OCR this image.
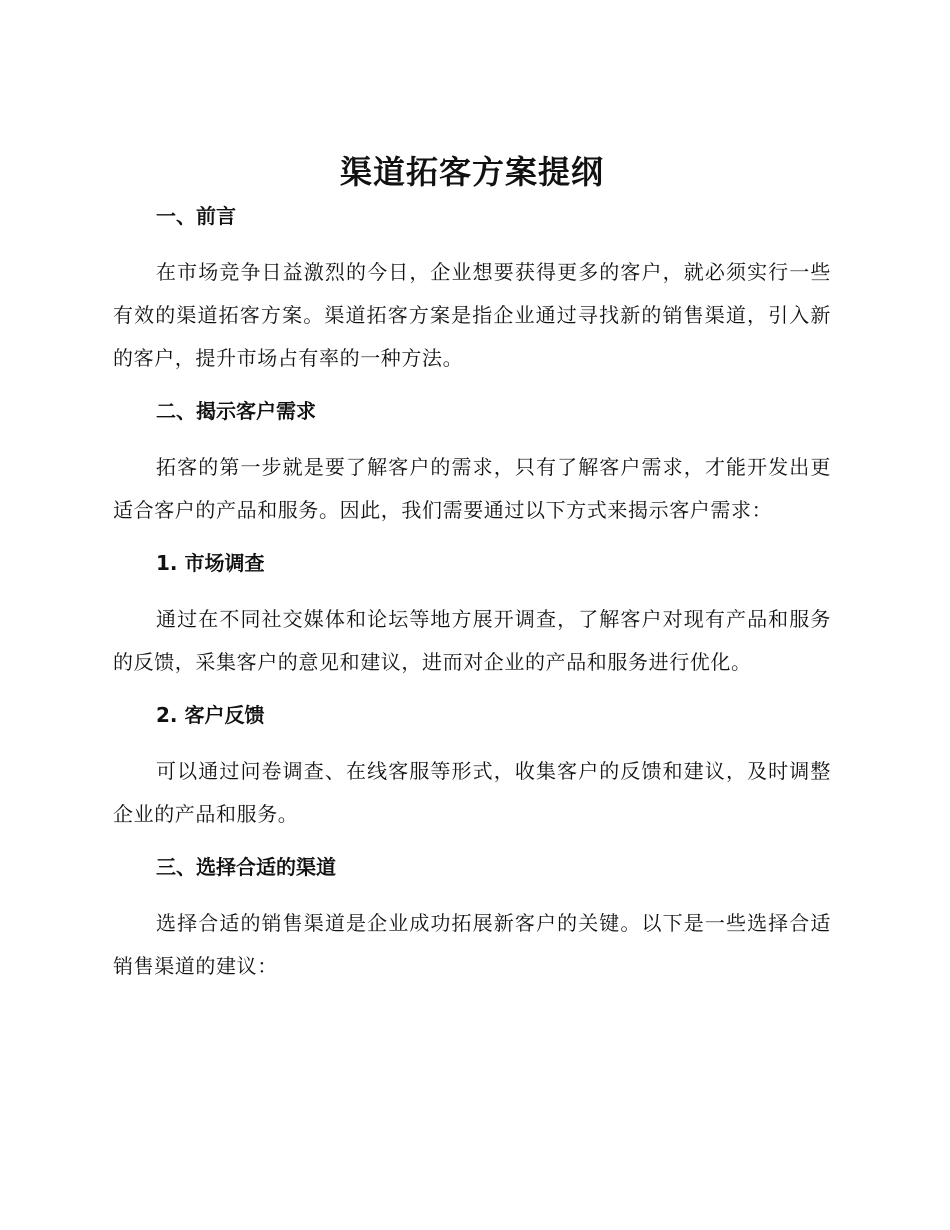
渠道拓客方案提纲
一、前言

在市场竞争日益激烈的今日，企业想要获得更多的客户，就必须实行一些有效的渠道拓客方案。渠道拓客方案是指企业通过寻找新的销售渠道，引入新的客户，提升市场占有率的一种方法。

二、揭示客户需求

拓客的第一步就是要了解客户的需求，只有了解客户需求，才能开发出更适合客户的产品和服务。因此，我们需要通过以下方式来揭示客户需求：

1. 市场调查

通过在不同社交媒体和论坛等地方展开调查，了解客户对现有产品和服务的反馈，采集客户的意见和建议，进而对企业的产品和服务进行优化。

2. 客户反馈

可以通过问卷调查、在线客服等形式，收集客户的反馈和建议，及时调整企业的产品和服务。

三、选择合适的渠道

选择合适的销售渠道是企业成功拓展新客户的关键。以下是一些选择合适销售渠道的建议：
